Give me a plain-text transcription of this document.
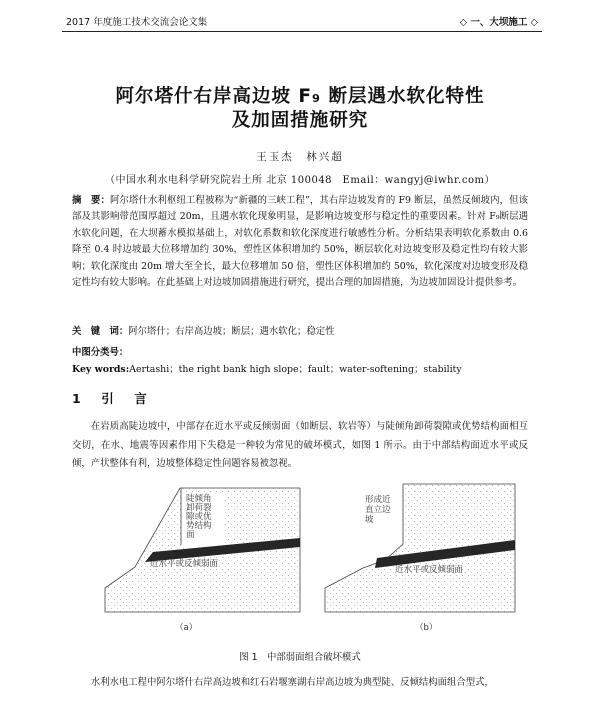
2017 年度施工技术交流会论文集	◇ 一、大坝施工 ◇
阿尔塔什右岸高边坡 F₉ 断层遇水软化特性
及加固措施研究
王玉杰　林兴超
（中国水利水电科学研究院岩土所 北京 100048　Email：wangyj@iwhr.com）
摘　要：阿尔塔什水利枢纽工程被称为“新疆的三峡工程”，其右岸边坡发育的 F9 断层，虽然反倾坡内，但该部及其影响带范围厚超过 20m，且遇水软化现象明显，是影响边坡变形与稳定性的重要因素。针对 F₉断层遇水软化问题，在大坝蓄水模拟基础上，对软化系数和软化深度进行敏感性分析。分析结果表明软化系数由 0.6 降至 0.4 时边坡最大位移增加约 30%，塑性区体积增加约 50%，断层软化对边坡变形及稳定性均有较大影响；软化深度由 20m 增大至全长，最大位移增加 50 倍，塑性区体积增加约 50%，软化深度对边坡变形及稳定性均有较大影响。在此基础上对边坡加固措施进行研究，提出合理的加固措施，为边坡加固设计提供参考。
关　键　词：阿尔塔什；右岸高边坡；断层；遇水软化；稳定性
中图分类号：
Key words:Aertashi；the right bank high slope；fault；water-softening；stability
1　引　言
在岩质高陡边坡中，中部存在近水平或反倾弱面（如断层、软岩等）与陡倾角卸荷裂隙或优势结构面相互交切，在水、地震等因素作用下失稳是一种较为常见的破坏模式，如图 1 所示。由于中部结构面近水平或反倾，产状整体有利，边坡整体稳定性问题容易被忽视。
陡倾角
卸荷裂
隙或优
势结构
面
近水平或反倾弱面
（a）
形成近
直立边
坡
近水平或反倾弱面
（b）
图 1　中部弱面组合破坏模式
水利水电工程中阿尔塔什右岸高边坡和红石岩堰塞湖右岸高边坡为典型陡、反倾结构面组合型式，
